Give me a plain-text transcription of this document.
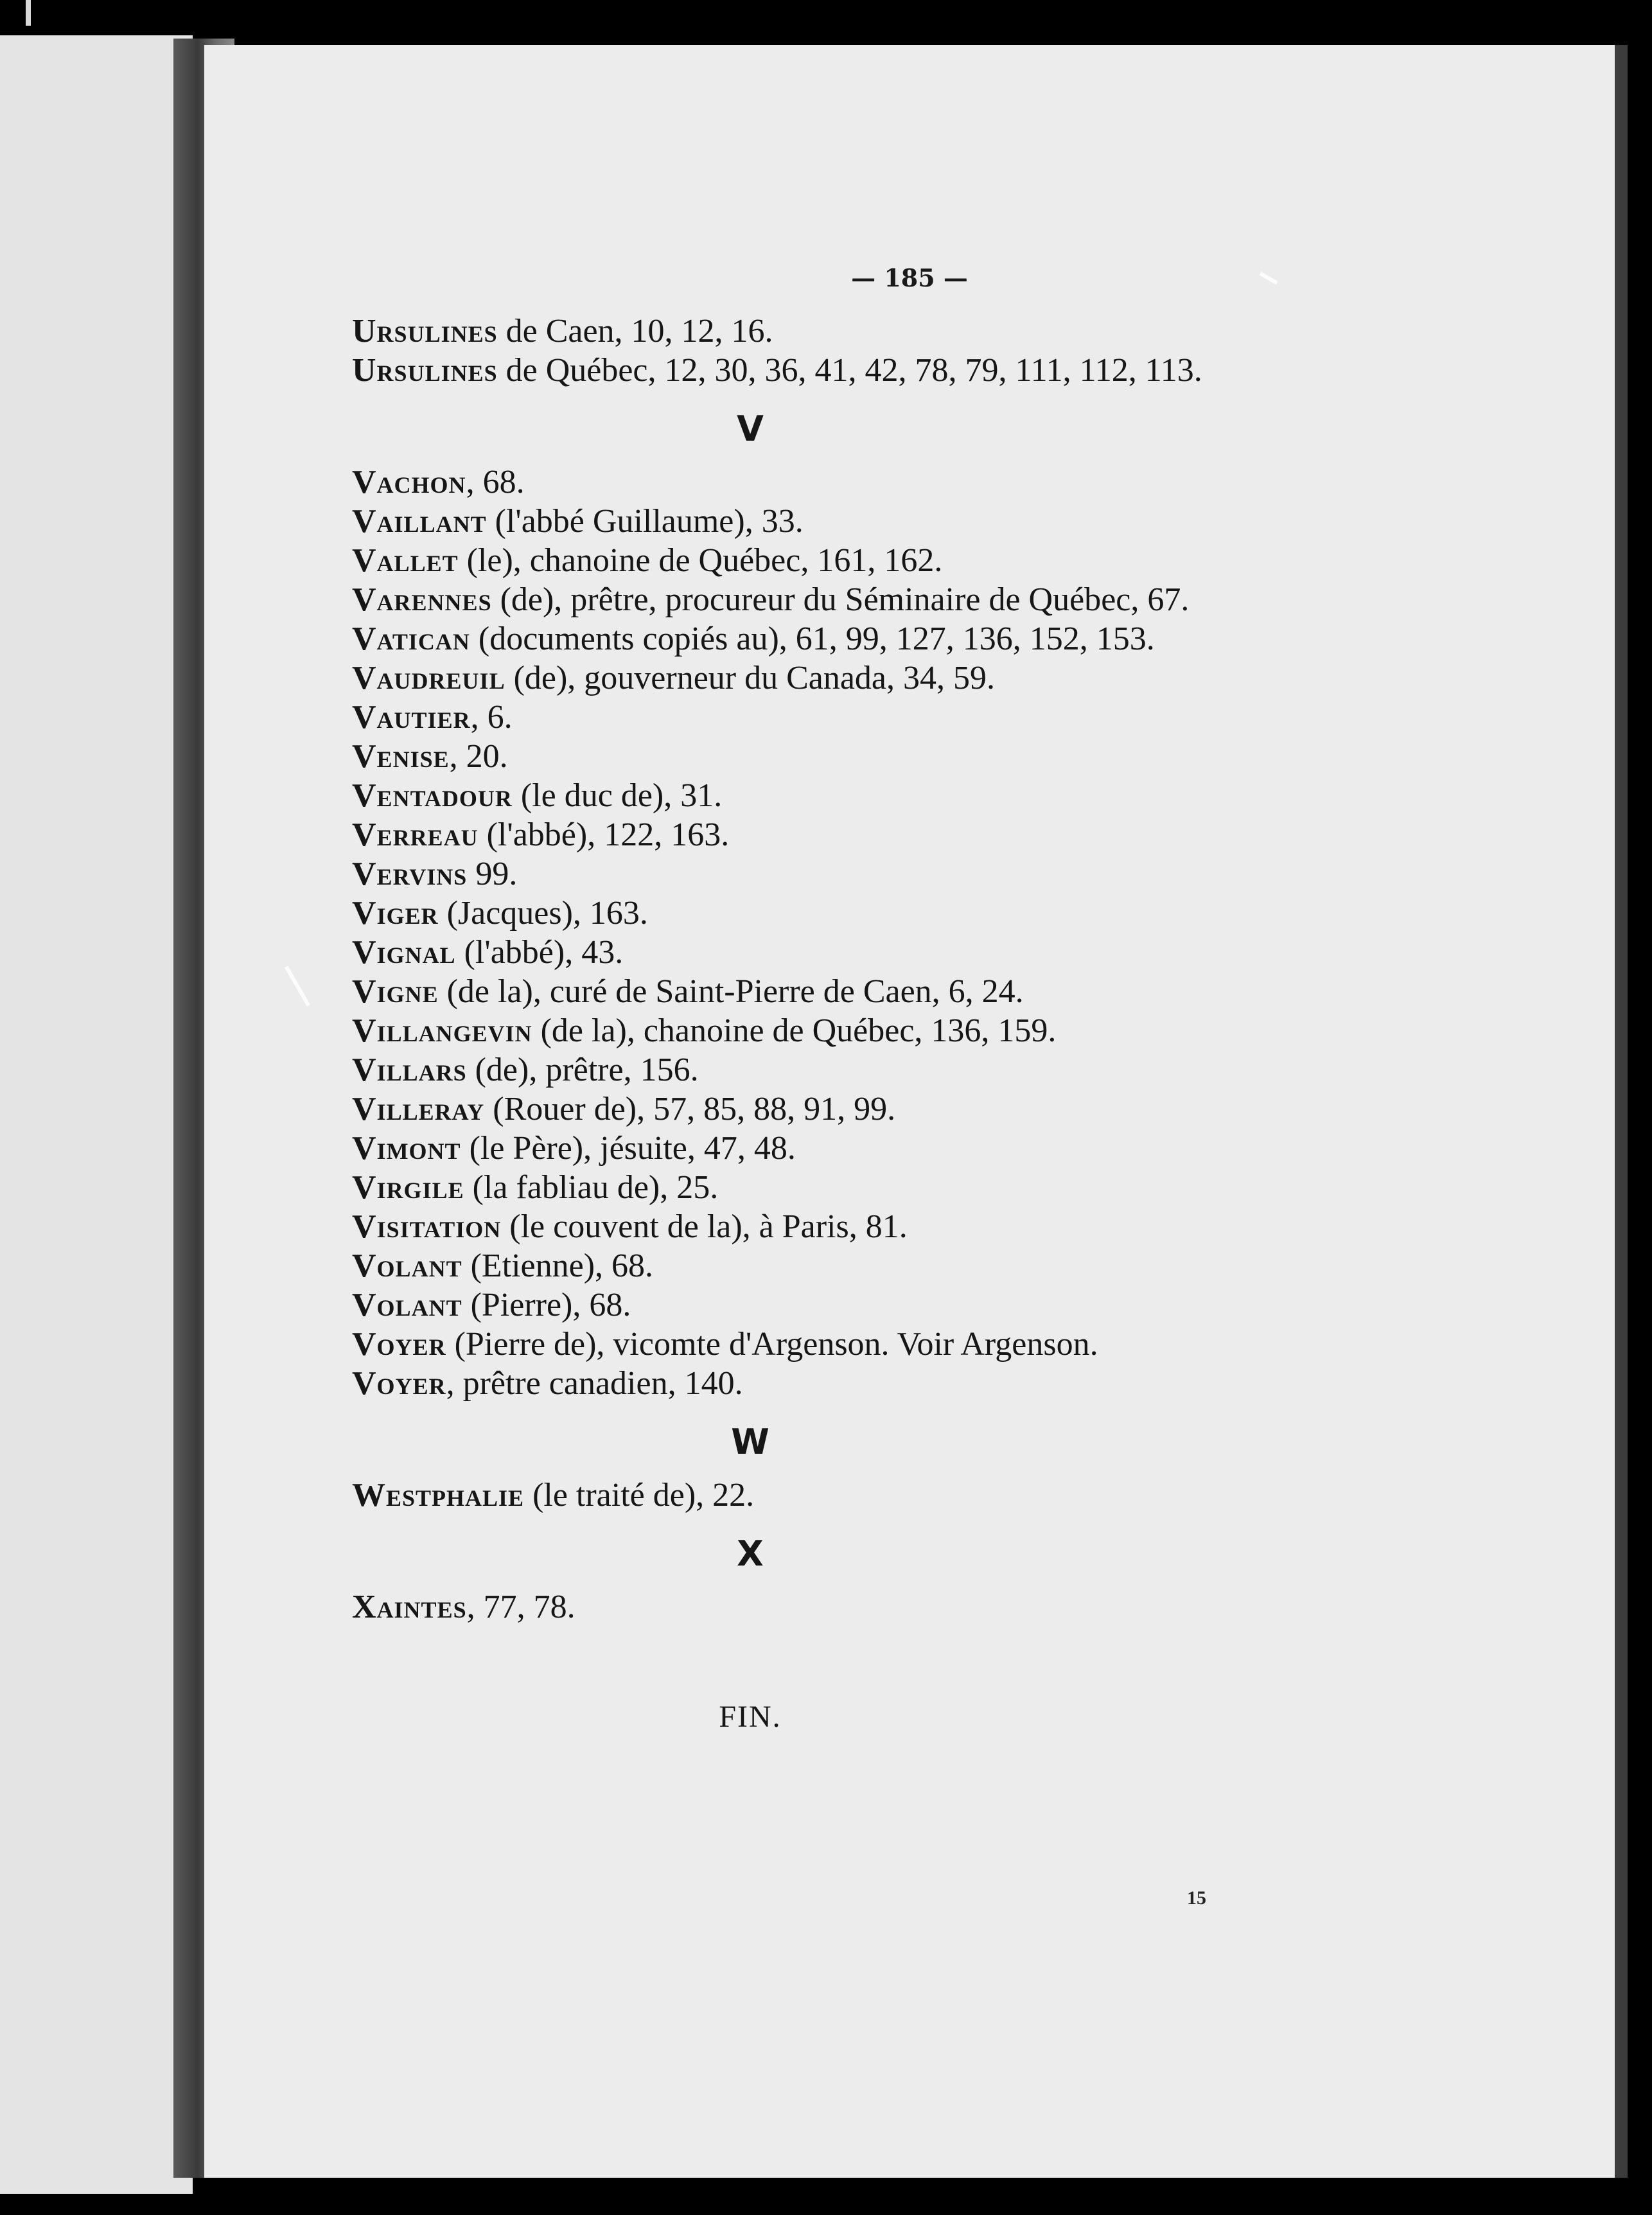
— 185 —
Ursulines de Caen, 10, 12, 16.
Ursulines de Québec, 12, 30, 36, 41, 42, 78, 79, 111, 112, 113.
V
Vachon, 68.
Vaillant (l'abbé Guillaume), 33.
Vallet (le), chanoine de Québec, 161, 162.
Varennes (de), prêtre, procureur du Séminaire de Québec, 67.
Vatican (documents copiés au), 61, 99, 127, 136, 152, 153.
Vaudreuil (de), gouverneur du Canada, 34, 59.
Vautier, 6.
Venise, 20.
Ventadour (le duc de), 31.
Verreau (l'abbé), 122, 163.
Vervins 99.
Viger (Jacques), 163.
Vignal (l'abbé), 43.
Vigne (de la), curé de Saint-Pierre de Caen, 6, 24.
Villangevin (de la), chanoine de Québec, 136, 159.
Villars (de), prêtre, 156.
Villeray (Rouer de), 57, 85, 88, 91, 99.
Vimont (le Père), jésuite, 47, 48.
Virgile (la fabliau de), 25.
Visitation (le couvent de la), à Paris, 81.
Volant (Etienne), 68.
Volant (Pierre), 68.
Voyer (Pierre de), vicomte d'Argenson. Voir Argenson.
Voyer, prêtre canadien, 140.
W
Westphalie (le traité de), 22.
X
Xaintes, 77, 78.
FIN.
15
